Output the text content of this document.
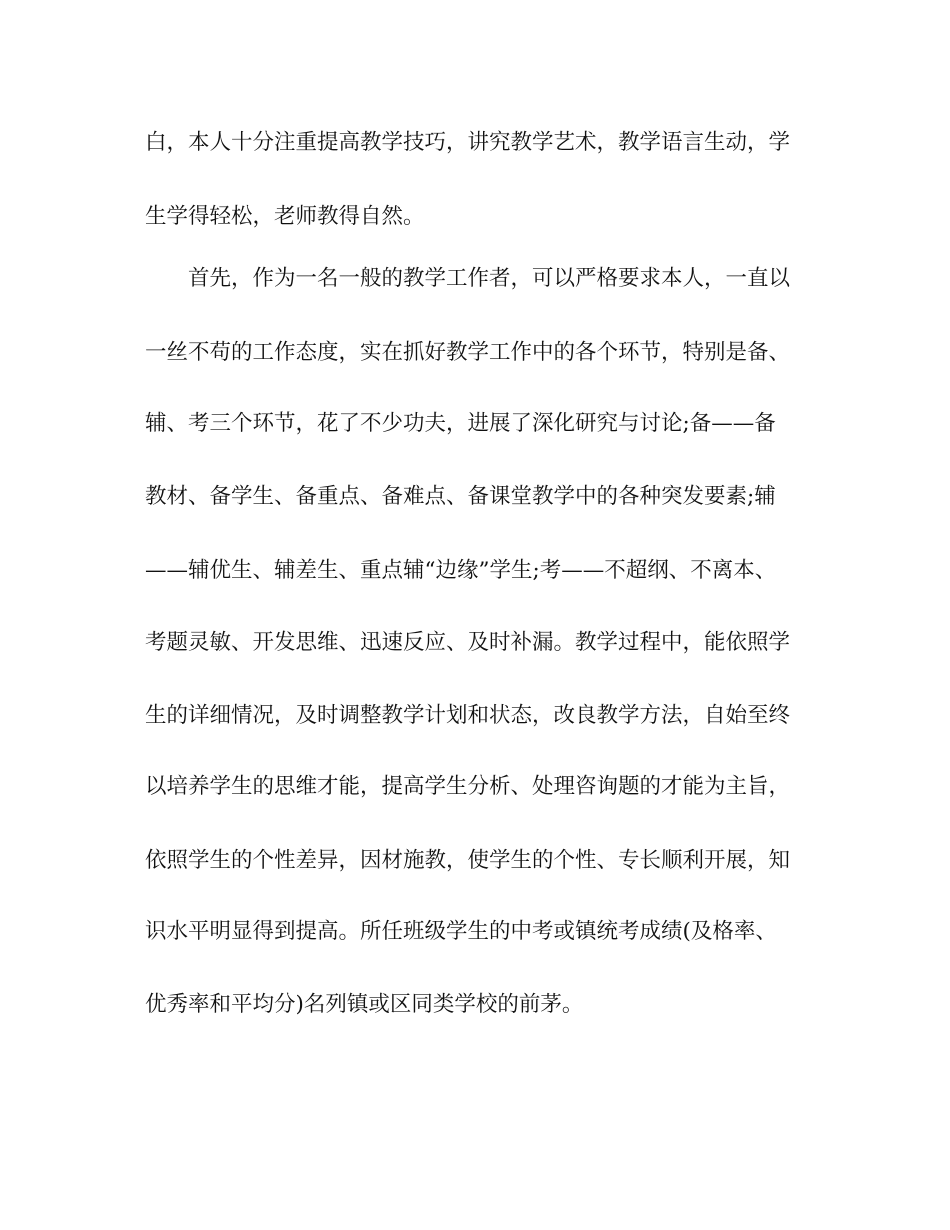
白，本人十分注重提高教学技巧，讲究教学艺术，教学语言生动，学
生学得轻松，老师教得自然。
首先，作为一名一般的教学工作者，可以严格要求本人，一直以
一丝不苟的工作态度，实在抓好教学工作中的各个环节，特别是备、
辅、考三个环节，花了不少功夫，进展了深化研究与讨论;备——备
教材、备学生、备重点、备难点、备课堂教学中的各种突发要素;辅
——辅优生、辅差生、重点辅“边缘”学生;考——不超纲、不离本、
考题灵敏、开发思维、迅速反应、及时补漏。教学过程中，能依照学
生的详细情况，及时调整教学计划和状态，改良教学方法，自始至终
以培养学生的思维才能，提高学生分析、处理咨询题的才能为主旨，
依照学生的个性差异，因材施教，使学生的个性、专长顺利开展，知
识水平明显得到提高。所任班级学生的中考或镇统考成绩(及格率、
优秀率和平均分)名列镇或区同类学校的前茅。
